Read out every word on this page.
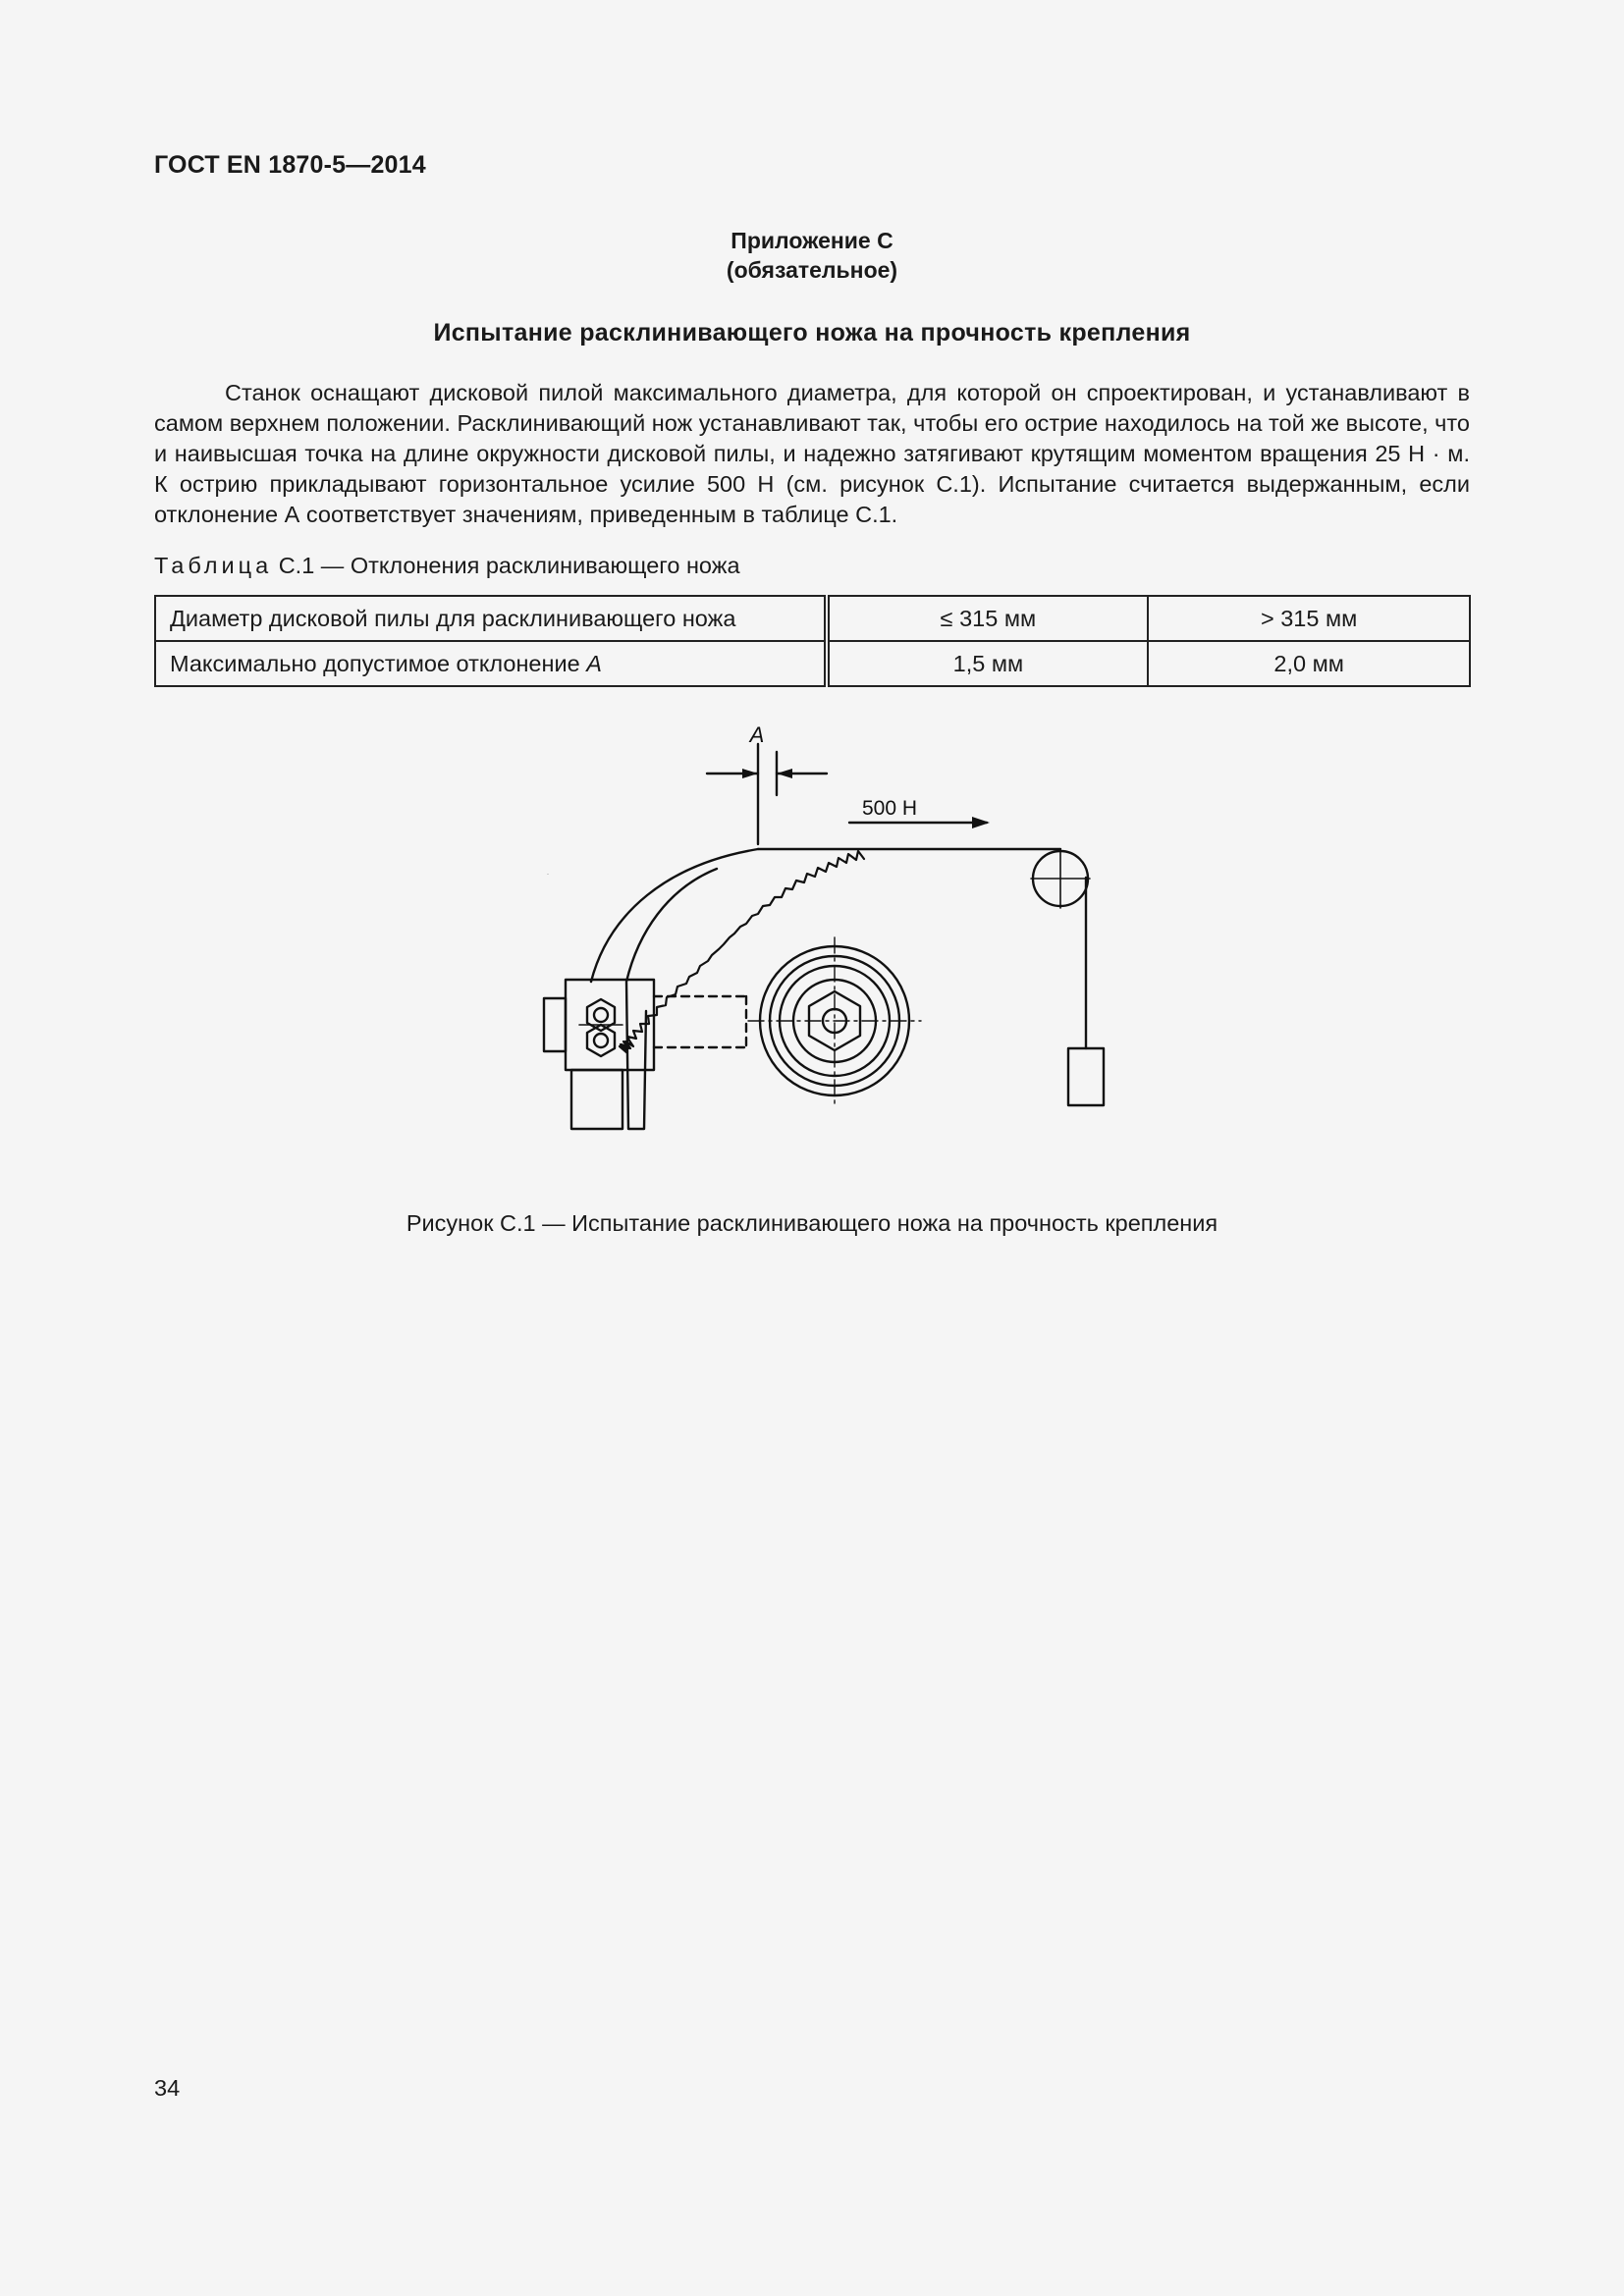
ГОСТ EN 1870-5—2014
Приложение С
(обязательное)
Испытание расклинивающего ножа на прочность крепления
Станок оснащают дисковой пилой максимального диаметра, для которой он спроектирован, и устанавливают в самом верхнем положении. Расклинивающий нож устанавливают так, чтобы его острие находилось на той же высоте, что и наивысшая точка на длине окружности дисковой пилы, и надежно затягивают крутящим моментом вращения 25 Н · м. К острию прикладывают горизонтальное усилие 500 Н (см. рисунок С.1). Испытание считается выдержанным, если отклонение А соответствует значениям, приведенным в таблице С.1.
Таблица С.1 — Отклонения расклинивающего ножа
Диаметр дисковой пилы для расклинивающего ножа	≤ 315 мм	> 315 мм
Максимально допустимое отклонение A	1,5 мм	2,0 мм
A
500 Н
·
Рисунок С.1 — Испытание расклинивающего ножа на прочность крепления
34
